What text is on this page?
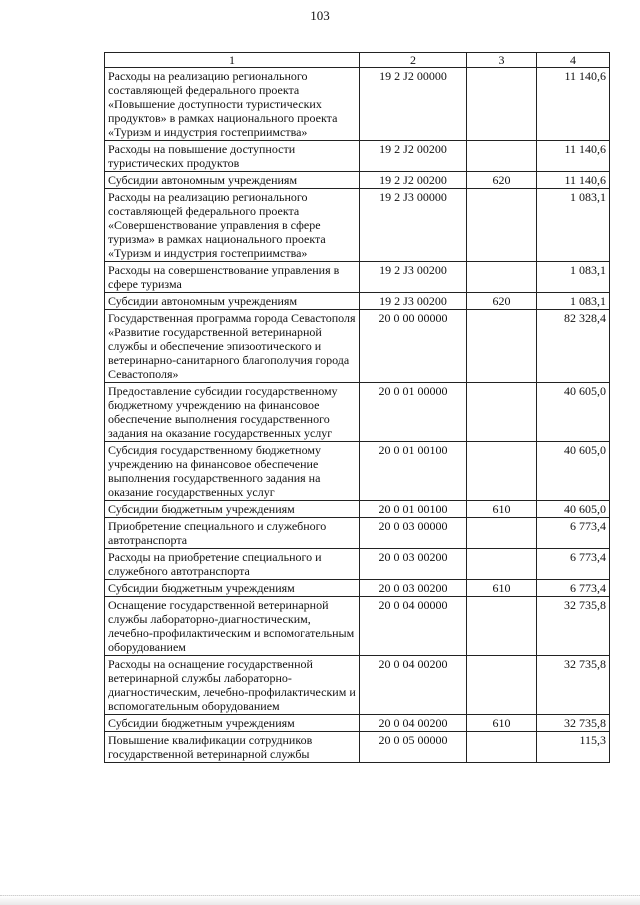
103
1	2	3	4
Расходы на реализацию регионального составляющей федерального проекта «Повышение доступности туристических продуктов» в рамках национального проекта «Туризм и индустрия гостеприимства»	19 2 J2 00000		11 140,6
Расходы на повышение доступности туристических продуктов	19 2 J2 00200		11 140,6
Субсидии автономным учреждениям	19 2 J2 00200	620	11 140,6
Расходы на реализацию регионального составляющей федерального проекта «Совершенствование управления в сфере туризма» в рамках национального проекта «Туризм и индустрия гостеприимства»	19 2 J3 00000		1 083,1
Расходы на совершенствование управления в сфере туризма	19 2 J3 00200		1 083,1
Субсидии автономным учреждениям	19 2 J3 00200	620	1 083,1
Государственная программа города Севастополя «Развитие государственной ветеринарной службы и обеспечение эпизоотического и ветеринарно-санитарного благополучия города Севастополя»	20 0 00 00000		82 328,4
Предоставление субсидии государственному бюджетному учреждению на финансовое обеспечение выполнения государственного задания на оказание государственных услуг	20 0 01 00000		40 605,0
Субсидия государственному бюджетному учреждению на финансовое обеспечение выполнения государственного задания на оказание государственных услуг	20 0 01 00100		40 605,0
Субсидии бюджетным учреждениям	20 0 01 00100	610	40 605,0
Приобретение специального и служебного автотранспорта	20 0 03 00000		6 773,4
Расходы на приобретение специального и служебного автотранспорта	20 0 03 00200		6 773,4
Субсидии бюджетным учреждениям	20 0 03 00200	610	6 773,4
Оснащение государственной ветеринарной службы лабораторно-диагностическим, лечебно-профилактическим и вспомогательным оборудованием	20 0 04 00000		32 735,8
Расходы на оснащение государственной ветеринарной службы лабораторно-диагностическим, лечебно-профилактическим и вспомогательным оборудованием	20 0 04 00200		32 735,8
Субсидии бюджетным учреждениям	20 0 04 00200	610	32 735,8
Повышение квалификации сотрудников государственной ветеринарной службы	20 0 05 00000		115,3
